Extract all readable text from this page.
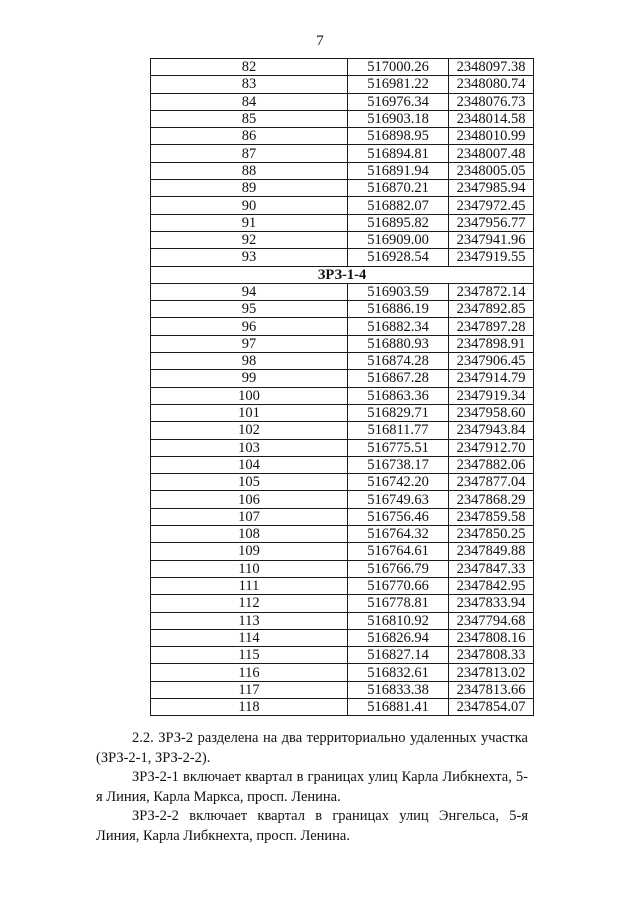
7
82	517000.26	2348097.38
83	516981.22	2348080.74
84	516976.34	2348076.73
85	516903.18	2348014.58
86	516898.95	2348010.99
87	516894.81	2348007.48
88	516891.94	2348005.05
89	516870.21	2347985.94
90	516882.07	2347972.45
91	516895.82	2347956.77
92	516909.00	2347941.96
93	516928.54	2347919.55
ЗРЗ-1-4		
94	516903.59	2347872.14
95	516886.19	2347892.85
96	516882.34	2347897.28
97	516880.93	2347898.91
98	516874.28	2347906.45
99	516867.28	2347914.79
100	516863.36	2347919.34
101	516829.71	2347958.60
102	516811.77	2347943.84
103	516775.51	2347912.70
104	516738.17	2347882.06
105	516742.20	2347877.04
106	516749.63	2347868.29
107	516756.46	2347859.58
108	516764.32	2347850.25
109	516764.61	2347849.88
110	516766.79	2347847.33
111	516770.66	2347842.95
112	516778.81	2347833.94
113	516810.92	2347794.68
114	516826.94	2347808.16
115	516827.14	2347808.33
116	516832.61	2347813.02
117	516833.38	2347813.66
118	516881.41	2347854.07

2.2. ЗРЗ-2 разделена на два территориально удаленных участка (ЗРЗ-2-1, ЗРЗ-2-2).

ЗРЗ-2-1 включает квартал в границах улиц Карла Либкнехта, 5-я Линия, Карла Маркса, просп. Ленина.

ЗРЗ-2-2 включает квартал в границах улиц Энгельса, 5-я Линия, Карла Либкнехта, просп. Ленина.
